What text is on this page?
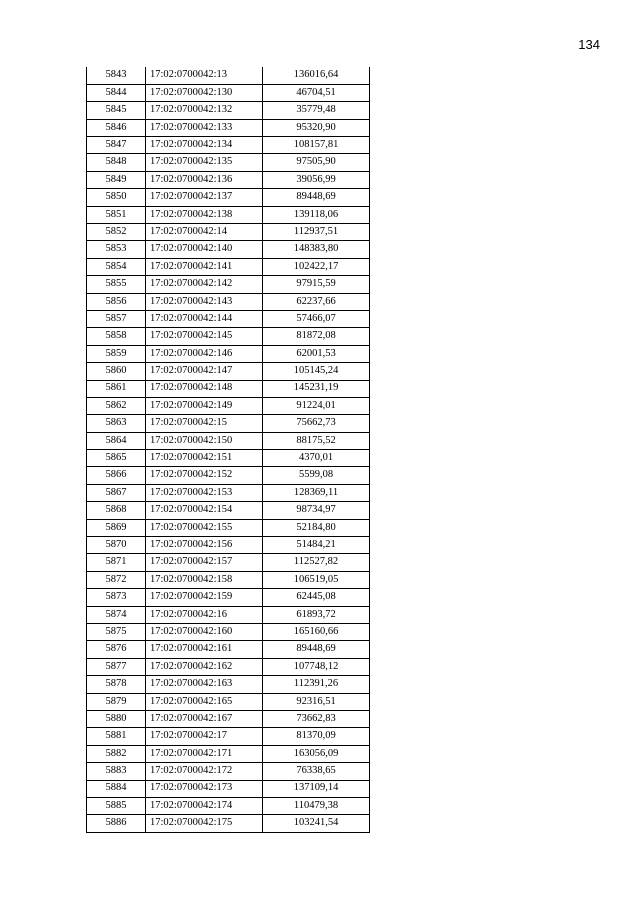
134
5843	17:02:0700042:13	136016,64
5844	17:02:0700042:130	46704,51
5845	17:02:0700042:132	35779,48
5846	17:02:0700042:133	95320,90
5847	17:02:0700042:134	108157,81
5848	17:02:0700042:135	97505,90
5849	17:02:0700042:136	39056,99
5850	17:02:0700042:137	89448,69
5851	17:02:0700042:138	139118,06
5852	17:02:0700042:14	112937,51
5853	17:02:0700042:140	148383,80
5854	17:02:0700042:141	102422,17
5855	17:02:0700042:142	97915,59
5856	17:02:0700042:143	62237,66
5857	17:02:0700042:144	57466,07
5858	17:02:0700042:145	81872,08
5859	17:02:0700042:146	62001,53
5860	17:02:0700042:147	105145,24
5861	17:02:0700042:148	145231,19
5862	17:02:0700042:149	91224,01
5863	17:02:0700042:15	75662,73
5864	17:02:0700042:150	88175,52
5865	17:02:0700042:151	4370,01
5866	17:02:0700042:152	5599,08
5867	17:02:0700042:153	128369,11
5868	17:02:0700042:154	98734,97
5869	17:02:0700042:155	52184,80
5870	17:02:0700042:156	51484,21
5871	17:02:0700042:157	112527,82
5872	17:02:0700042:158	106519,05
5873	17:02:0700042:159	62445,08
5874	17:02:0700042:16	61893,72
5875	17:02:0700042:160	165160,66
5876	17:02:0700042:161	89448,69
5877	17:02:0700042:162	107748,12
5878	17:02:0700042:163	112391,26
5879	17:02:0700042:165	92316,51
5880	17:02:0700042:167	73662,83
5881	17:02:0700042:17	81370,09
5882	17:02:0700042:171	163056,09
5883	17:02:0700042:172	76338,65
5884	17:02:0700042:173	137109,14
5885	17:02:0700042:174	110479,38
5886	17:02:0700042:175	103241,54
